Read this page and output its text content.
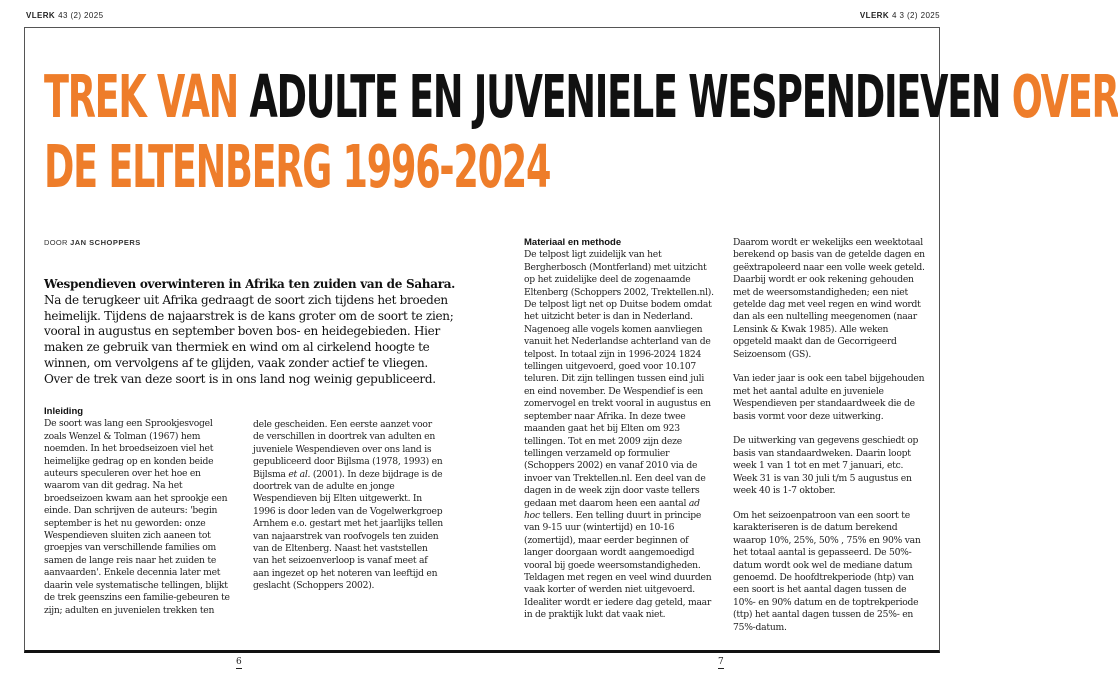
VLERK 43 (2) 2025	VLERK 4 3 (2) 2025
TREK VAN ADULTE EN JUVENIELE WESPENDIEVEN OVER
DE ELTENBERG 1996-2024
DOOR JAN SCHOPPERS

Wespendieven overwinteren in Afrika ten zuiden van de Sahara.

Na de terugkeer uit Afrika gedraagt de soort zich tijdens het broeden heimelijk. Tijdens de najaarstrek is de kans groter om de soort te zien; vooral in augustus en september boven bos- en heidegebieden. Hier maken ze gebruik van thermiek en wind om al cirkelend hoogte te winnen, om vervolgens af te glijden, vaak zonder actief te vliegen.

Over de trek van deze soort is in ons land nog weinig gepubliceerd.

Inleiding

De soort was lang een Sprookjesvogel zoals Wenzel & Tolman (1967) hem noemden. In het broedseizoen viel het heimelijke gedrag op en konden beide auteurs speculeren over het hoe en waarom van dit gedrag. Na het broedseizoen kwam aan het sprookje een einde. Dan schrijven de auteurs: 'begin september is het nu geworden: onze Wespendieven sluiten zich aaneen tot groepjes van verschillende families om samen de lange reis naar het zuiden te aanvaarden'. Enkele decennia later met daarin vele systematische tellingen, blijkt de trek geenszins een familie-gebeuren te zijn; adulten en juvenielen trekken ten

dele gescheiden. Een eerste aanzet voor de verschillen in doortrek van adulten en juveniele Wespendieven over ons land is gepubliceerd door Bijlsma (1978, 1993) en Bijlsma et al. (2001). In deze bijdrage is de doortrek van de adulte en jonge Wespendieven bij Elten uitgewerkt. In 1996 is door leden van de Vogelwerkgroep Arnhem e.o. gestart met het jaarlijks tellen van najaarstrek van roofvogels ten zuiden van de Eltenberg. Naast het vaststellen van het seizoenverloop is vanaf meet af aan ingezet op het noteren van leeftijd en geslacht (Schoppers 2002).

Materiaal en methode

De telpost ligt zuidelijk van het Bergherbosch (Montferland) met uitzicht op het zuidelijke deel de zogenaamde Eltenberg (Schoppers 2002, Trektellen.nl). De telpost ligt net op Duitse bodem omdat het uitzicht beter is dan in Nederland. Nagenoeg alle vogels komen aanvliegen vanuit het Nederlandse achterland van de telpost. In totaal zijn in 1996-2024 1824 tellingen uitgevoerd, goed voor 10.107 teluren. Dit zijn tellingen tussen eind juli en eind november. De Wespendief is een zomervogel en trekt vooral in augustus en september naar Afrika. In deze twee maanden gaat het bij Elten om 923 tellingen. Tot en met 2009 zijn deze tellingen verzameld op formulier (Schoppers 2002) en vanaf 2010 via de invoer van Trektellen.nl. Een deel van de dagen in de week zijn door vaste tellers gedaan met daarom heen een aantal ad hoc tellers. Een telling duurt in principe van 9-15 uur (wintertijd) en 10-16 (zomertijd), maar eerder beginnen of langer doorgaan wordt aangemoedigd vooral bij goede weersomstandigheden. Teldagen met regen en veel wind duurden vaak korter of werden niet uitgevoerd. Idealiter wordt er iedere dag geteld, maar in de praktijk lukt dat vaak niet.

Daarom wordt er wekelijks een weektotaal berekend op basis van de getelde dagen en geëxtrapoleerd naar een volle week geteld. Daarbij wordt er ook rekening gehouden met de weersomstandigheden; een niet getelde dag met veel regen en wind wordt dan als een nultelling meegenomen (naar Lensink & Kwak 1985). Alle weken opgeteld maakt dan de Gecorrigeerd Seizoensom (GS).

Van ieder jaar is ook een tabel bijgehouden met het aantal adulte en juveniele Wespendieven per standaardweek die de basis vormt voor deze uitwerking.

De uitwerking van gegevens geschiedt op basis van standaardweken. Daarin loopt week 1 van 1 tot en met 7 januari, etc. Week 31 is van 30 juli t/m 5 augustus en week 40 is 1-7 oktober.

Om het seizoenpatroon van een soort te karakteriseren is de datum berekend waarop 10%, 25%, 50% , 75% en 90% van het totaal aantal is gepasseerd. De 50%-datum wordt ook wel de mediane datum genoemd. De hoofdtrekperiode (htp) van een soort is het aantal dagen tussen de 10%- en 90% datum en de toptrekperiode (ttp) het aantal dagen tussen de 25%- en 75%-datum.

6	7
